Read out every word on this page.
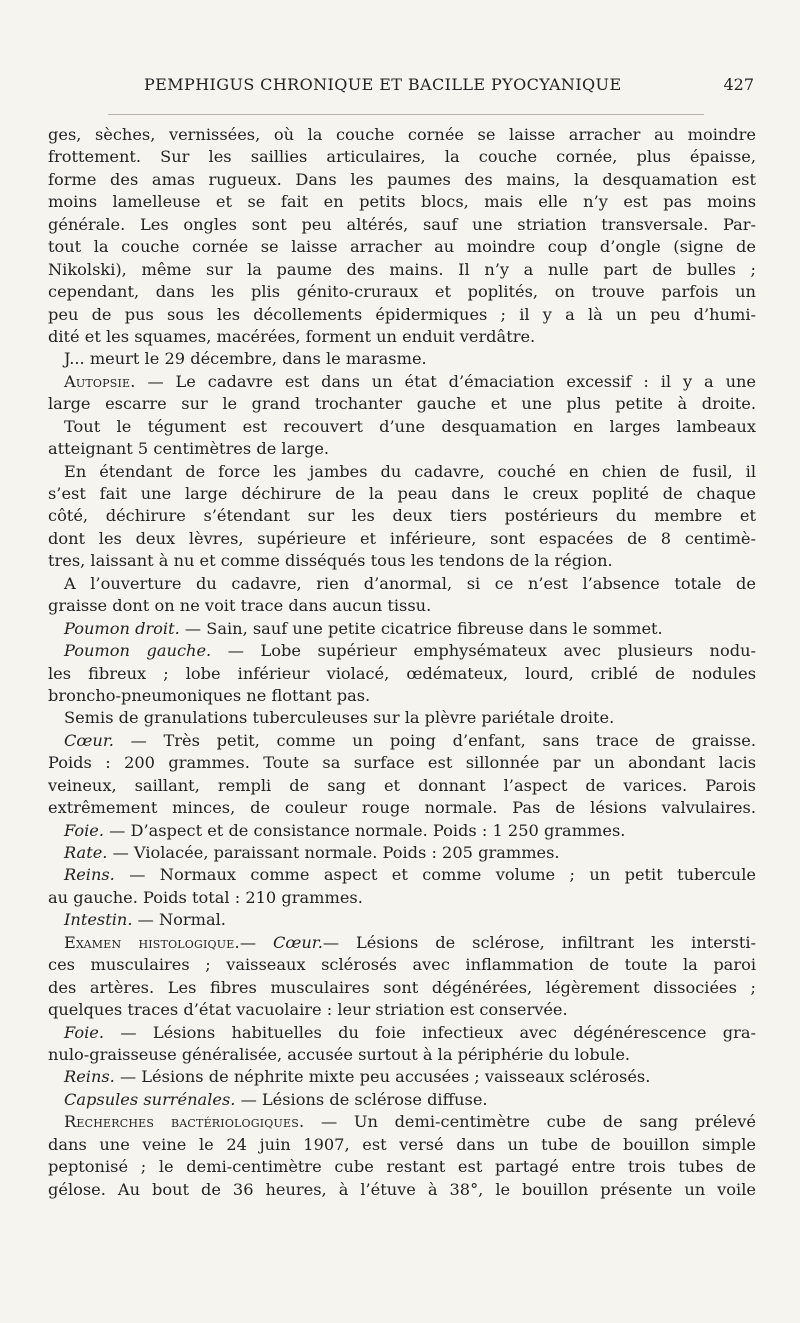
PEMPHIGUS CHRONIQUE ET BACILLE PYOCYANIQUE	427
ges, sèches, vernissées, où la couche cornée se laisse arracher au moindre
frottement. Sur les saillies articulaires, la couche cornée, plus épaisse,
forme des amas rugueux. Dans les paumes des mains, la desquamation est
moins lamelleuse et se fait en petits blocs, mais elle n’y est pas moins
générale. Les ongles sont peu altérés, sauf une striation transversale. Par-
tout la couche cornée se laisse arracher au moindre coup d’ongle (signe de
Nikolski), même sur la paume des mains. Il n’y a nulle part de bulles ;
cependant, dans les plis génito-cruraux et poplités, on trouve parfois un
peu de pus sous les décollements épidermiques ; il y a là un peu d’humi-
dité et les squames, macérées, forment un enduit verdâtre.
J... meurt le 29 décembre, dans le marasme.
Autopsie. — Le cadavre est dans un état d’émaciation excessif : il y a une
large escarre sur le grand trochanter gauche et une plus petite à droite.
Tout le tégument est recouvert d’une desquamation en larges lambeaux
atteignant 5 centimètres de large.
En étendant de force les jambes du cadavre, couché en chien de fusil, il
s’est fait une large déchirure de la peau dans le creux poplité de chaque
côté, déchirure s’étendant sur les deux tiers postérieurs du membre et
dont les deux lèvres, supérieure et inférieure, sont espacées de 8 centimè-
tres, laissant à nu et comme disséqués tous les tendons de la région.
A l’ouverture du cadavre, rien d’anormal, si ce n’est l’absence totale de
graisse dont on ne voit trace dans aucun tissu.
Poumon droit. — Sain, sauf une petite cicatrice fibreuse dans le sommet.
Poumon gauche. — Lobe supérieur emphysémateux avec plusieurs nodu-
les fibreux ; lobe inférieur violacé, œdémateux, lourd, criblé de nodules
broncho-pneumoniques ne flottant pas.
Semis de granulations tuberculeuses sur la plèvre pariétale droite.
Cœur. — Très petit, comme un poing d’enfant, sans trace de graisse.
Poids : 200 grammes. Toute sa surface est sillonnée par un abondant lacis
veineux, saillant, rempli de sang et donnant l’aspect de varices. Parois
extrêmement minces, de couleur rouge normale. Pas de lésions valvulaires.
Foie. — D’aspect et de consistance normale. Poids : 1 250 grammes.
Rate. — Violacée, paraissant normale. Poids : 205 grammes.
Reins. — Normaux comme aspect et comme volume ; un petit tubercule
au gauche. Poids total : 210 grammes.
Intestin. — Normal.
Examen histologique.— Cœur.— Lésions de sclérose, infiltrant les intersti-
ces musculaires ; vaisseaux sclérosés avec inflammation de toute la paroi
des artères. Les fibres musculaires sont dégénérées, légèrement dissociées ;
quelques traces d’état vacuolaire : leur striation est conservée.
Foie. — Lésions habituelles du foie infectieux avec dégénérescence gra-
nulo-graisseuse généralisée, accusée surtout à la périphérie du lobule.
Reins. — Lésions de néphrite mixte peu accusées ; vaisseaux sclérosés.
Capsules surrénales. — Lésions de sclérose diffuse.
Recherches bactériologiques. — Un demi-centimètre cube de sang prélevé
dans une veine le 24 juin 1907, est versé dans un tube de bouillon simple
peptonisé ; le demi-centimètre cube restant est partagé entre trois tubes de
gélose. Au bout de 36 heures, à l’étuve à 38°, le bouillon présente un voile
